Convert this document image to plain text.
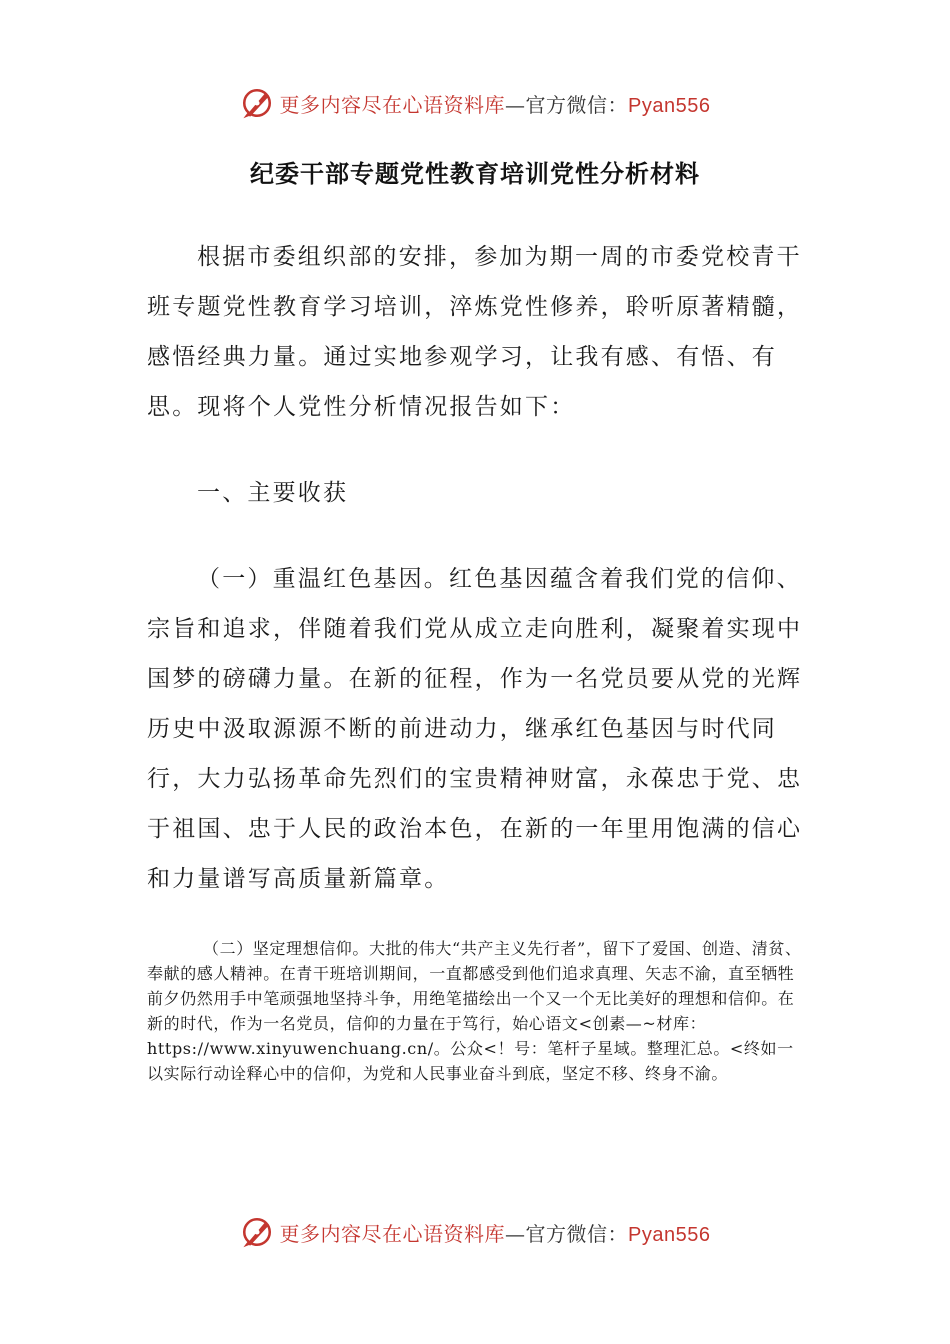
更多内容尽在心语资料库—官方微信：Pyan556
纪委干部专题党性教育培训党性分析材料

根据市委组织部的安排，参加为期一周的市委党校青干班专题党性教育学习培训，淬炼党性修养，聆听原著精髓，感悟经典力量。通过实地参观学习，让我有感、有悟、有思。现将个人党性分析情况报告如下：

一、主要收获

（一）重温红色基因。红色基因蕴含着我们党的信仰、宗旨和追求，伴随着我们党从成立走向胜利，凝聚着实现中国梦的磅礴力量。在新的征程，作为一名党员要从党的光辉历史中汲取源源不断的前进动力，继承红色基因与时代同行，大力弘扬革命先烈们的宝贵精神财富，永葆忠于党、忠于祖国、忠于人民的政治本色，在新的一年里用饱满的信心和力量谱写高质量新篇章。

（二）坚定理想信仰。大批的伟大“共产主义先行者”，留下了爱国、创造、清贫、奉献的感人精神。在青干班培训期间，一直都感受到他们追求真理、矢志不渝，直至牺牲前夕仍然用手中笔顽强地坚持斗争，用绝笔描绘出一个又一个无比美好的理想和信仰。在新的时代，作为一名党员，信仰的力量在于笃行，始心语文<创素—~材库：https://www.xinyuwenchuang.cn/。公众<！号：笔杆子星域。整理汇总。<终如一以实际行动诠释心中的信仰，为党和人民事业奋斗到底，坚定不移、终身不渝。

更多内容尽在心语资料库—官方微信：Pyan556
